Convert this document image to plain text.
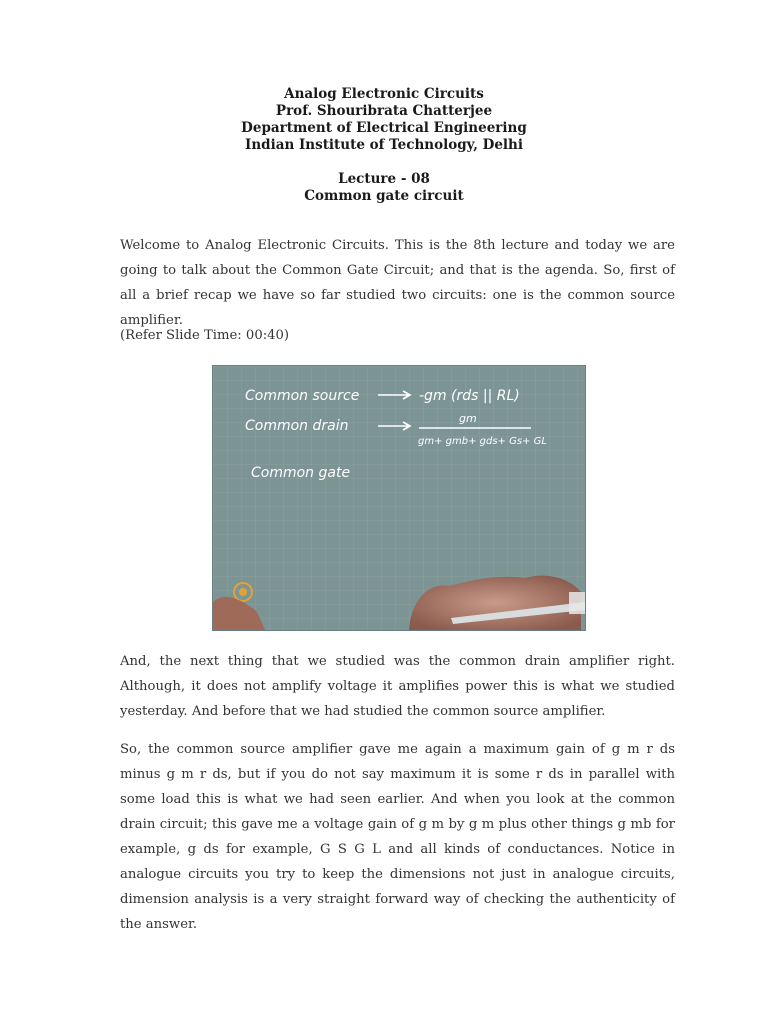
Analog Electronic Circuits
Prof. Shouribrata Chatterjee
Department of Electrical Engineering
Indian Institute of Technology, Delhi
Lecture - 08
Common gate circuit
Welcome to Analog Electronic Circuits. This is the 8th lecture and today we are going to talk about the Common Gate Circuit; and that is the agenda. So, first of all a brief recap we have so far studied two circuits: one is the common source amplifier.
(Refer Slide Time: 00:40)
Common source	-gm (rds || RL)
Common drain	gm
gm+ gmb+ gds+ Gs+ GL
Common gate
And, the next thing that we studied was the common drain amplifier right. Although, it does not amplify voltage it amplifies power this is what we studied yesterday. And before that we had studied the common source amplifier.
So, the common source amplifier gave me again a maximum gain of g m r ds minus g m r ds, but if you do not say maximum it is some r ds in parallel with some load this is what we had seen earlier. And when you look at the common drain circuit; this gave me a voltage gain of g m by g m plus other things g mb for example, g ds for example, G S G L and all kinds of conductances. Notice in analogue circuits you try to keep the dimensions not just in analogue circuits, dimension analysis is a very straight forward way of checking the authenticity of the answer.
